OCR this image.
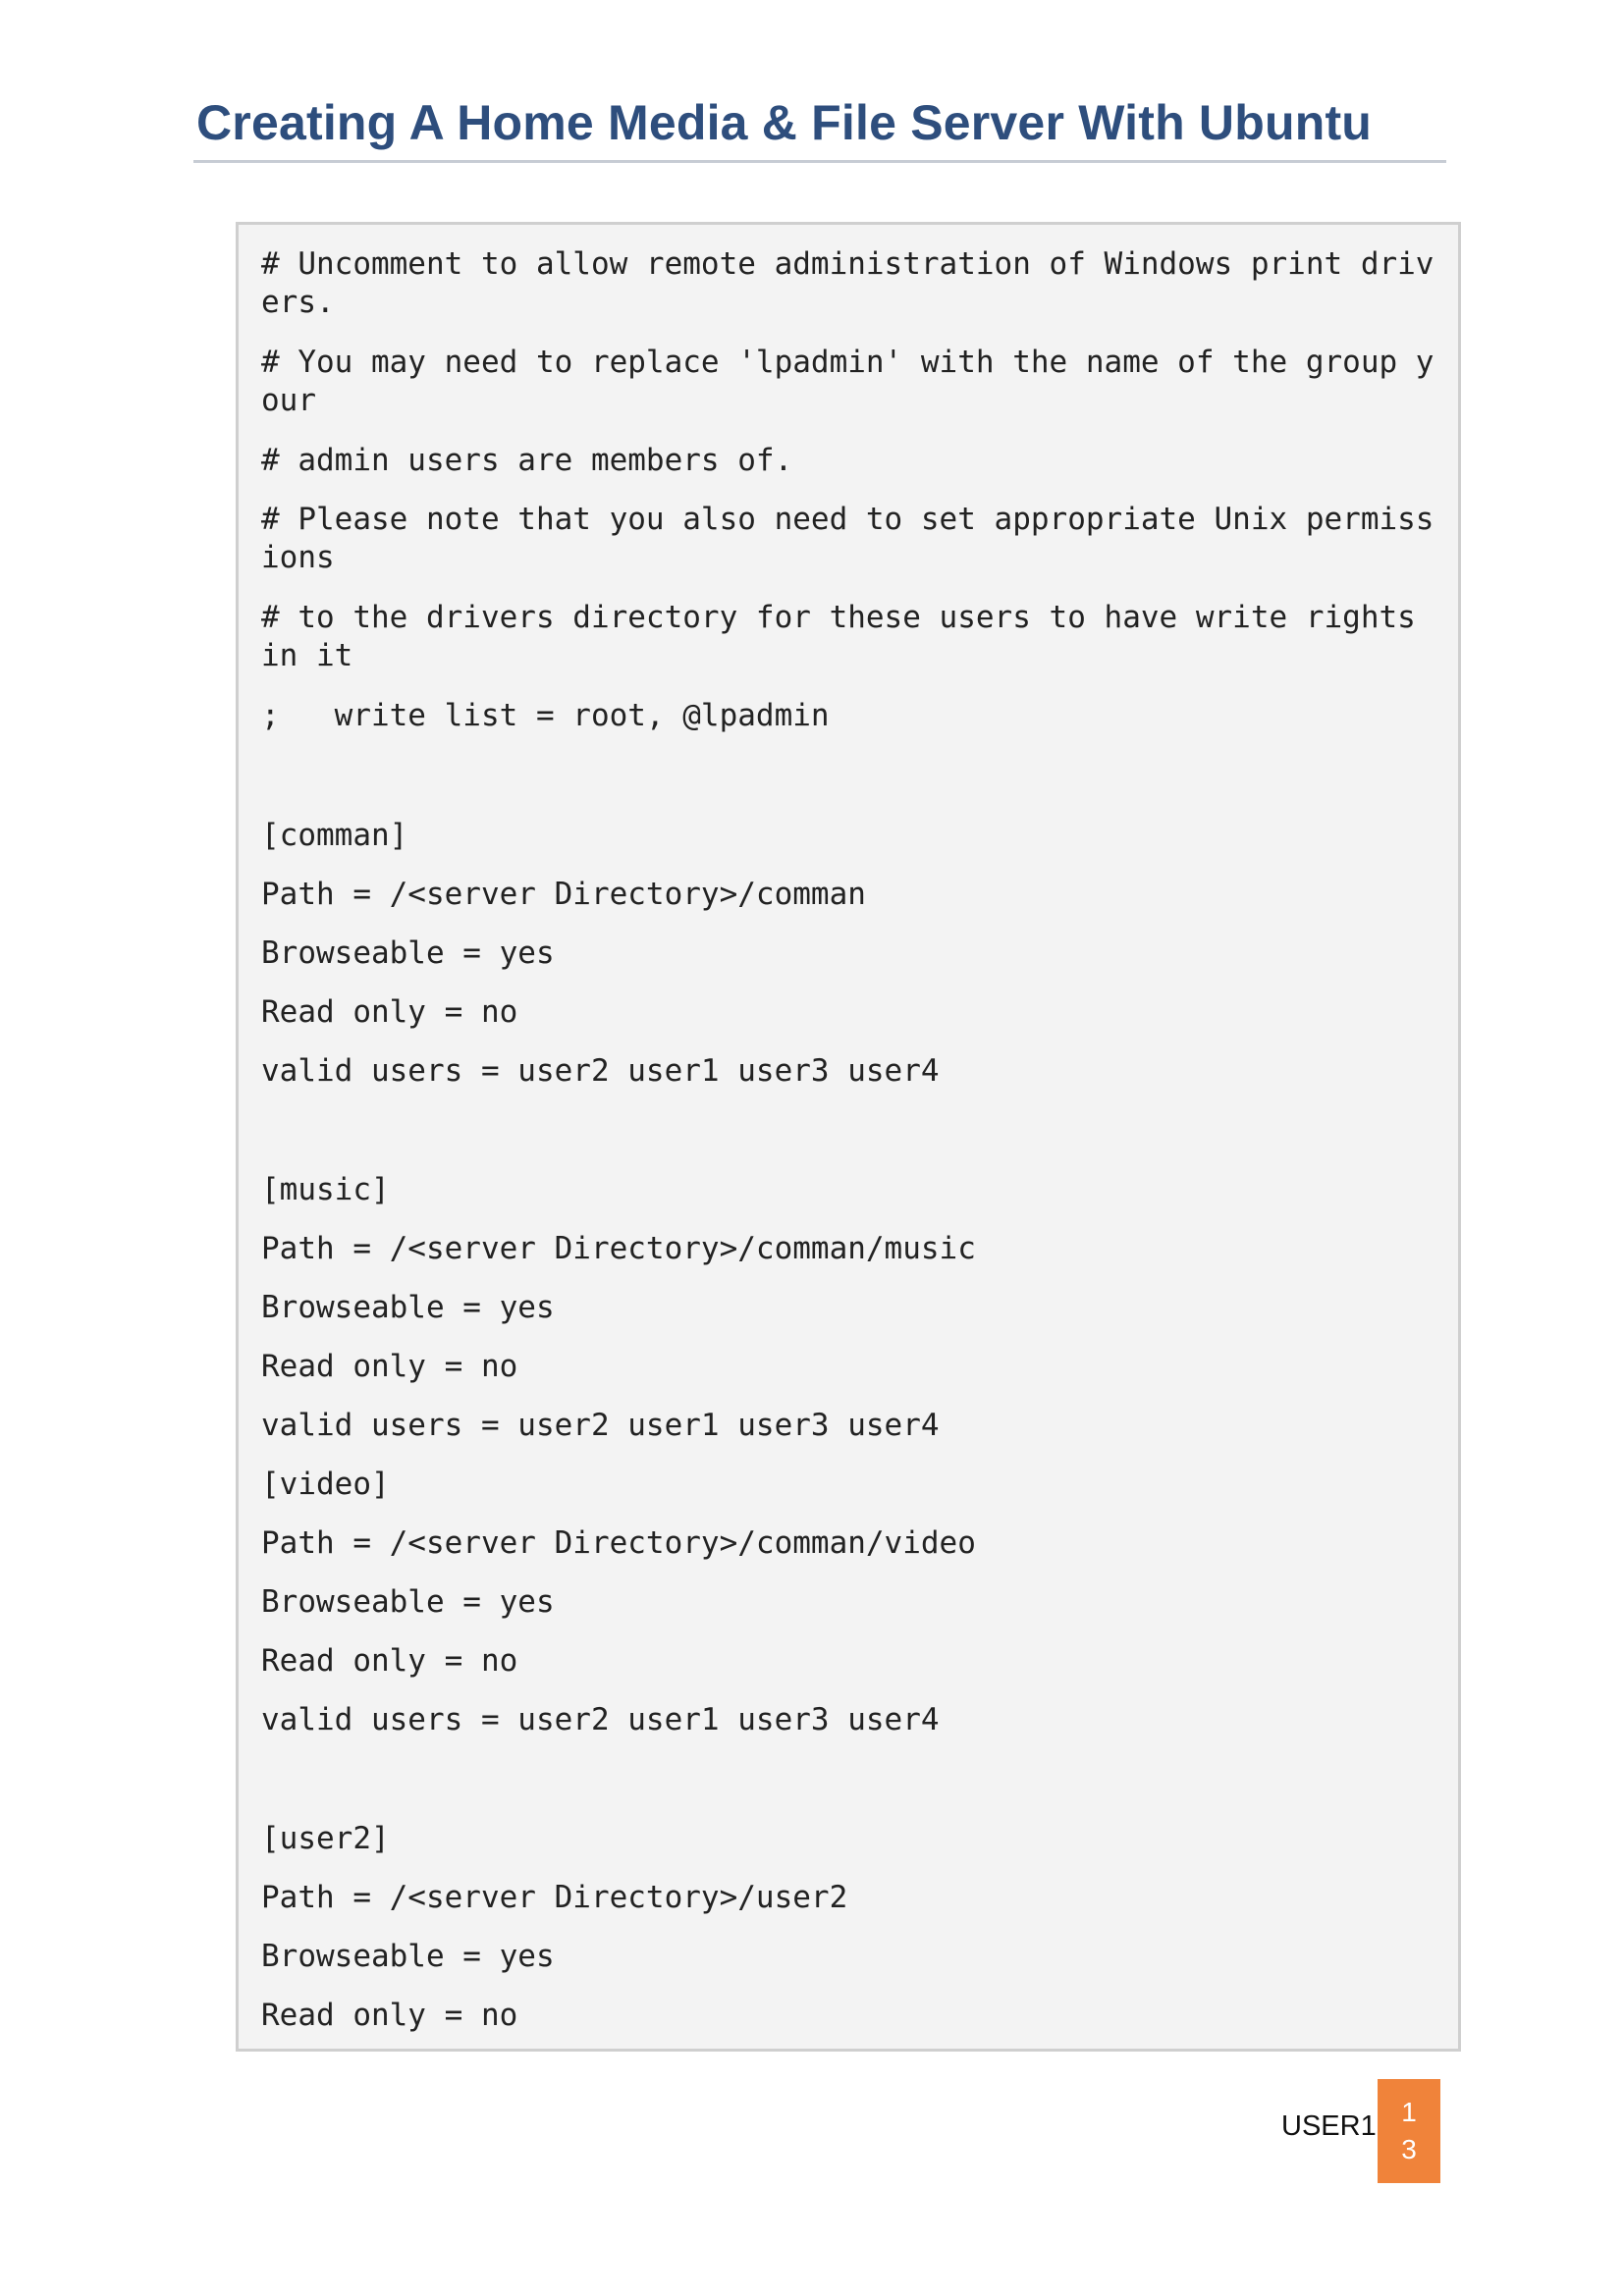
Creating A Home Media & File Server With Ubuntu
# Uncomment to allow remote administration of Windows print drivers.
# You may need to replace 'lpadmin' with the name of the group your
# admin users are members of.
# Please note that you also need to set appropriate Unix permissions
# to the drivers directory for these users to have write rights in it
;   write list = root, @lpadmin
[comman]
Path = /<server Directory>/comman
Browseable = yes
Read only = no
valid users = user2 user1 user3 user4
[music]
Path = /<server Directory>/comman/music
Browseable = yes
Read only = no
valid users = user2 user1 user3 user4
[video]
Path = /<server Directory>/comman/video
Browseable = yes
Read only = no
valid users = user2 user1 user3 user4
[user2]
Path = /<server Directory>/user2
Browseable = yes
Read only = no
USER1 1
3
